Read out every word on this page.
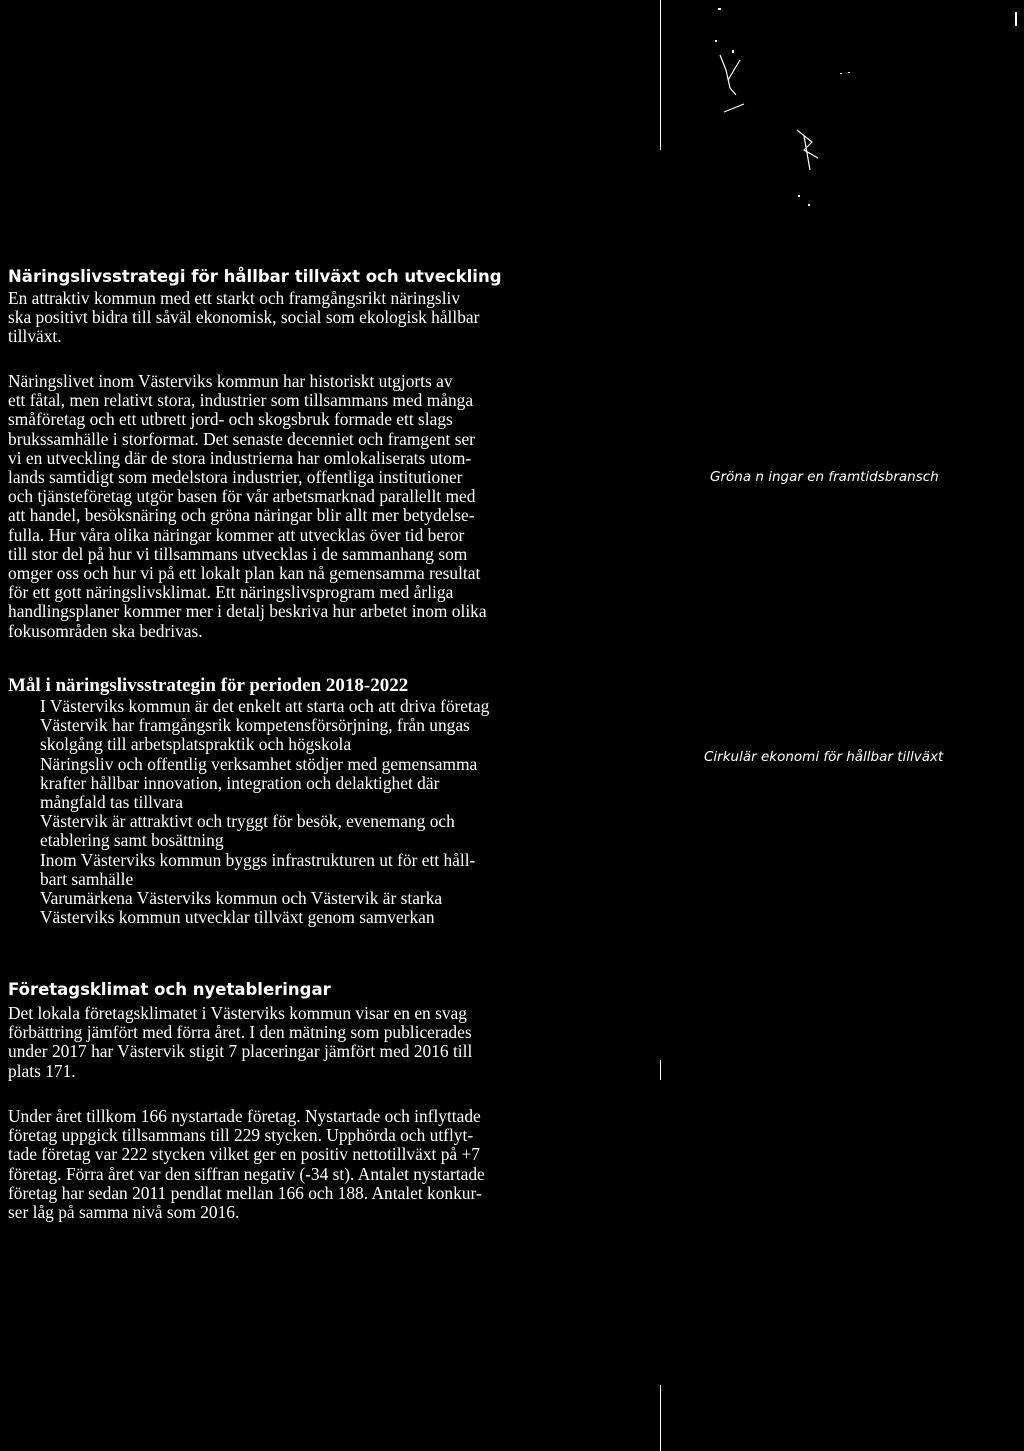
Näringslivsstrategi för hållbar tillväxt och utveckling

En attraktiv kommun med ett starkt och framgångsrikt näringsliv
ska positivt bidra till såväl ekonomisk, social som ekologisk hållbar
tillväxt.

Näringslivet inom Västerviks kommun har historiskt utgjorts av
ett fåtal, men relativt stora, industrier som tillsammans med många
småföretag och ett utbrett jord- och skogsbruk formade ett slags
brukssamhälle i storformat. Det senaste decenniet och framgent ser
vi en utveckling där de stora industrierna har omlokaliserats utom-
lands samtidigt som medelstora industrier, offentliga institutioner
och tjänsteföretag utgör basen för vår arbetsmarknad parallellt med
att handel, besöksnäring och gröna näringar blir allt mer betydelse-
fulla. Hur våra olika näringar kommer att utvecklas över tid beror
till stor del på hur vi tillsammans utvecklas i de sammanhang som
omger oss och hur vi på ett lokalt plan kan nå gemensamma resultat
för ett gott näringslivsklimat. Ett näringslivsprogram med årliga
handlingsplaner kommer mer i detalj beskriva hur arbetet inom olika
fokusområden ska bedrivas.

Mål i näringslivsstrategin för perioden 2018-2022
I Västerviks kommun är det enkelt att starta och att driva företag
Västervik har framgångsrik kompetensförsörjning, från ungas
skolgång till arbetsplatspraktik och högskola
Näringsliv och offentlig verksamhet stödjer med gemensamma
krafter hållbar innovation, integration och delaktighet där
mångfald tas tillvara
Västervik är attraktivt och tryggt för besök, evenemang och
etablering samt bosättning
Inom Västerviks kommun byggs infrastrukturen ut för ett håll-
bart samhälle
Varumärkena Västerviks kommun och Västervik är starka
Västerviks kommun utvecklar tillväxt genom samverkan
Företagsklimat och nyetableringar

Det lokala företagsklimatet i Västerviks kommun visar en en svag
förbättring jämfört med förra året. I den mätning som publicerades
under 2017 har Västervik stigit 7 placeringar jämfört med 2016 till
plats 171.

Under året tillkom 166 nystartade företag. Nystartade och inflyttade
företag uppgick tillsammans till 229 stycken. Upphörda och utflyt-
tade företag var 222 stycken vilket ger en positiv nettotillväxt på +7
företag. Förra året var den siffran negativ (-34 st). Antalet nystartade
företag har sedan 2011 pendlat mellan 166 och 188. Antalet konkur-
ser låg på samma nivå som 2016.

Gröna n ingar en framtidsbransch
Cirkulär ekonomi för hållbar tillväxt
